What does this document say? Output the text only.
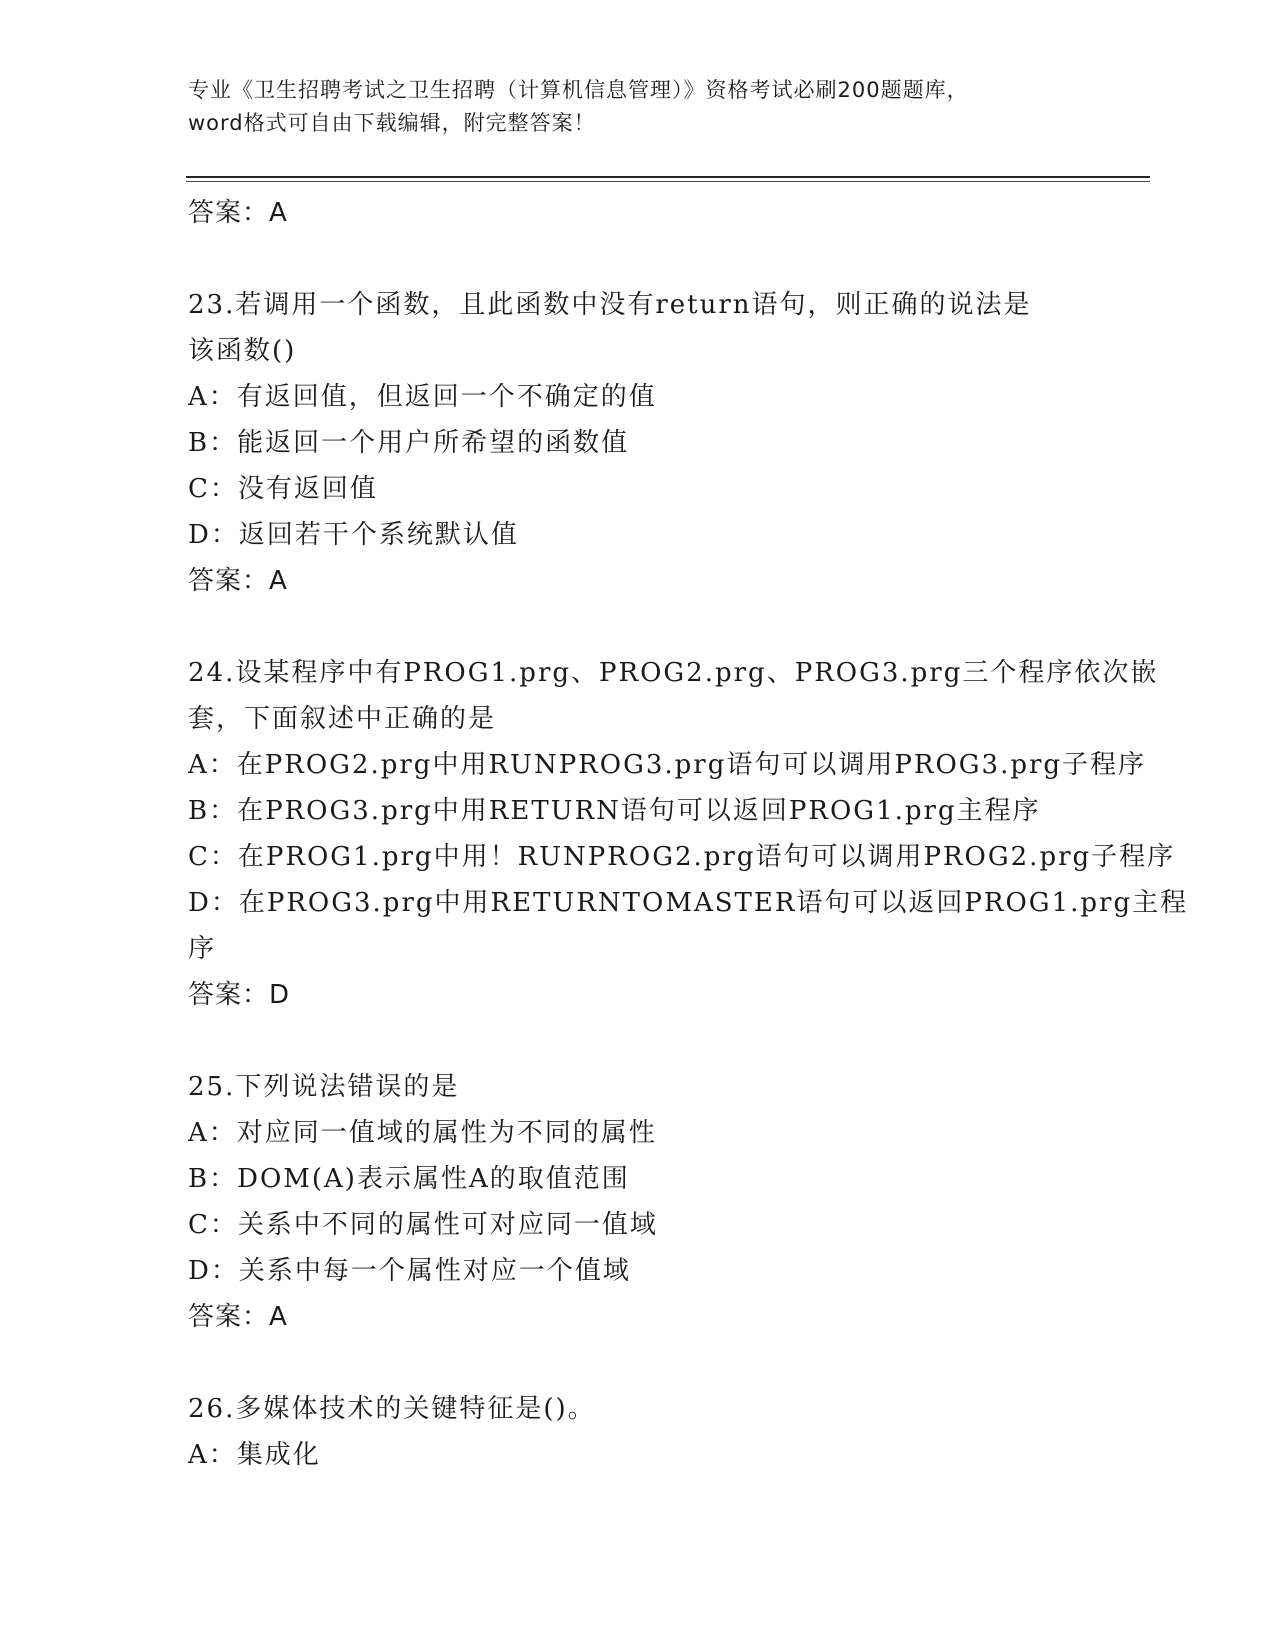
专业《卫生招聘考试之卫生招聘（计算机信息管理）》资格考试必刷200题题库，
word格式可自由下载编辑，附完整答案！
答案：A
23.若调用一个函数，且此函数中没有return语句，则正确的说法是
该函数()
A：有返回值，但返回一个不确定的值
B：能返回一个用户所希望的函数值
C：没有返回值
D：返回若干个系统默认值
答案：A
24.设某程序中有PROG1.prg、PROG2.prg、PROG3.prg三个程序依次嵌
套，下面叙述中正确的是
A：在PROG2.prg中用RUNPROG3.prg语句可以调用PROG3.prg子程序
B：在PROG3.prg中用RETURN语句可以返回PROG1.prg主程序
C：在PROG1.prg中用！RUNPROG2.prg语句可以调用PROG2.prg子程序
D：在PROG3.prg中用RETURNTOMASTER语句可以返回PROG1.prg主程
序
答案：D
25.下列说法错误的是
A：对应同一值域的属性为不同的属性
B：DOM(A)表示属性A的取值范围
C：关系中不同的属性可对应同一值域
D：关系中每一个属性对应一个值域
答案：A
26.多媒体技术的关键特征是()。
A：集成化
